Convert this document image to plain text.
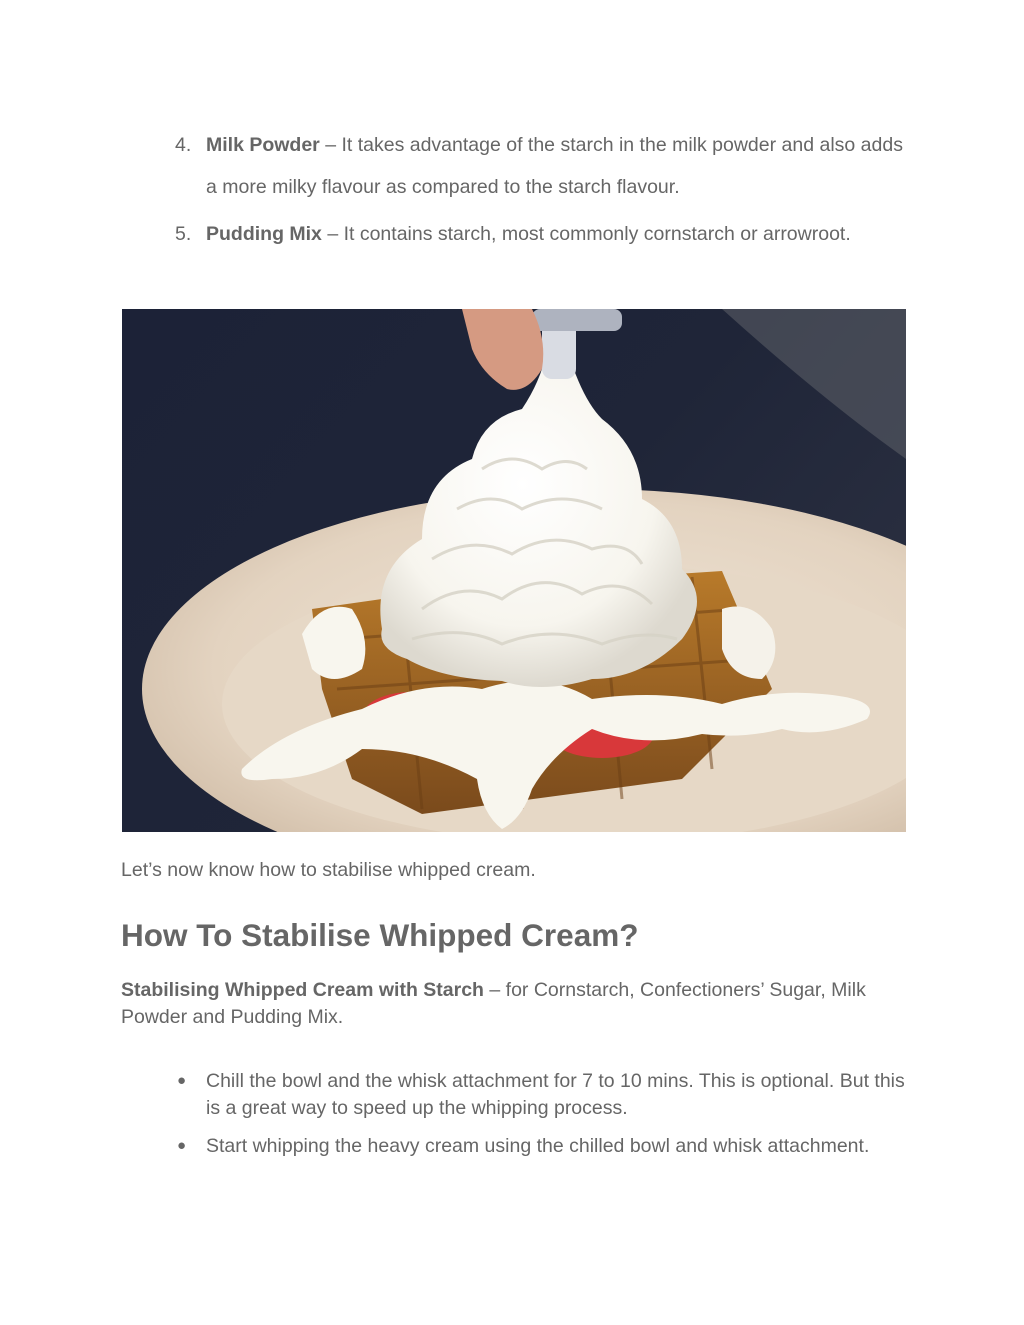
4. Milk Powder – It takes advantage of the starch in the milk powder and also adds a more milky flavour as compared to the starch flavour.
5. Pudding Mix – It contains starch, most commonly cornstarch or arrowroot.

Let’s now know how to stabilise whipped cream.

How To Stabilise Whipped Cream?

Stabilising Whipped Cream with Starch – for Cornstarch, Confectioners’ Sugar, Milk Powder and Pudding Mix.

● Chill the bowl and the whisk attachment for 7 to 10 mins. This is optional. But this is a great way to speed up the whipping process.
● Start whipping the heavy cream using the chilled bowl and whisk attachment.
